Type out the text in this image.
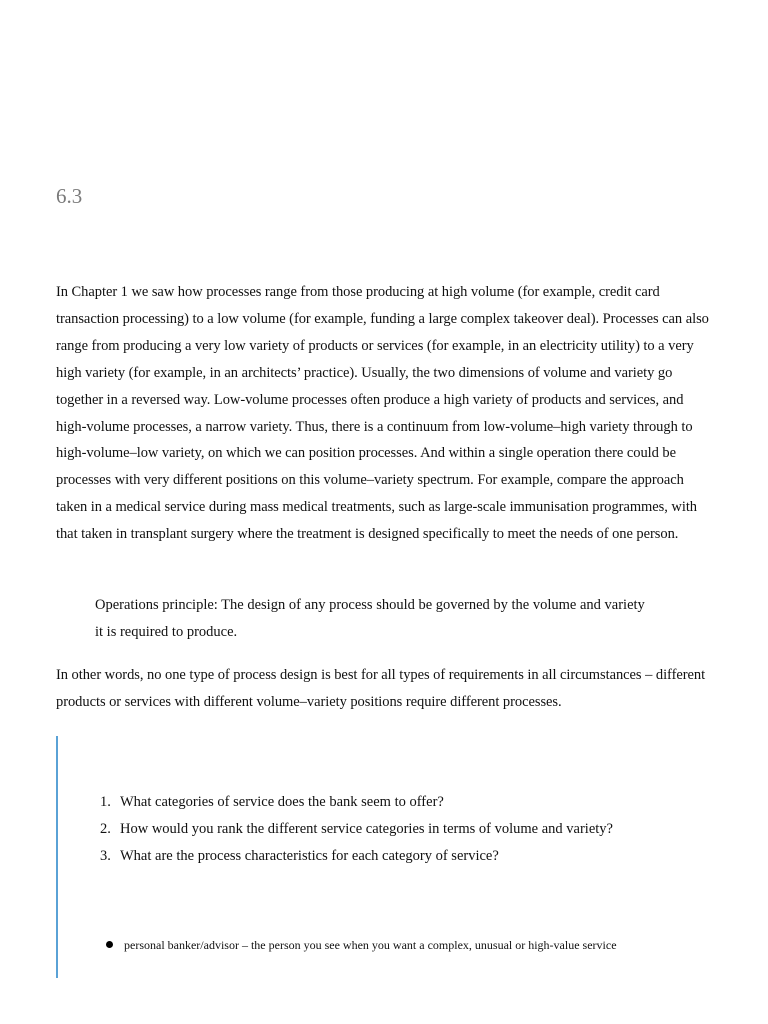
6.3

In Chapter 1 we saw how processes range from those producing at high volume (for example, credit card transaction processing) to a low volume (for example, funding a large complex takeover deal). Processes can also range from producing a very low variety of products or services (for example, in an electricity utility) to a very high variety (for example, in an architects’ practice). Usually, the two dimensions of volume and variety go together in a reversed way. Low-volume processes often produce a high variety of products and services, and high-volume processes, a narrow variety. Thus, there is a continuum from low-volume–high variety through to high-volume–low variety, on which we can position processes. And within a single operation there could be processes with very different positions on this volume–variety spectrum. For example, compare the approach taken in a medical service during mass medical treatments, such as large-scale immunisation programmes, with that taken in transplant surgery where the treatment is designed specifically to meet the needs of one person.

Operations principle: The design of any process should be governed by the volume and variety it is required to produce.

In other words, no one type of process design is best for all types of requirements in all circumstances – different products or services with different volume–variety positions require different processes.

1. What categories of service does the bank seem to offer?
2. How would you rank the different service categories in terms of volume and variety?
3. What are the process characteristics for each category of service?
personal banker/advisor – the person you see when you want a complex, unusual or high-value service
